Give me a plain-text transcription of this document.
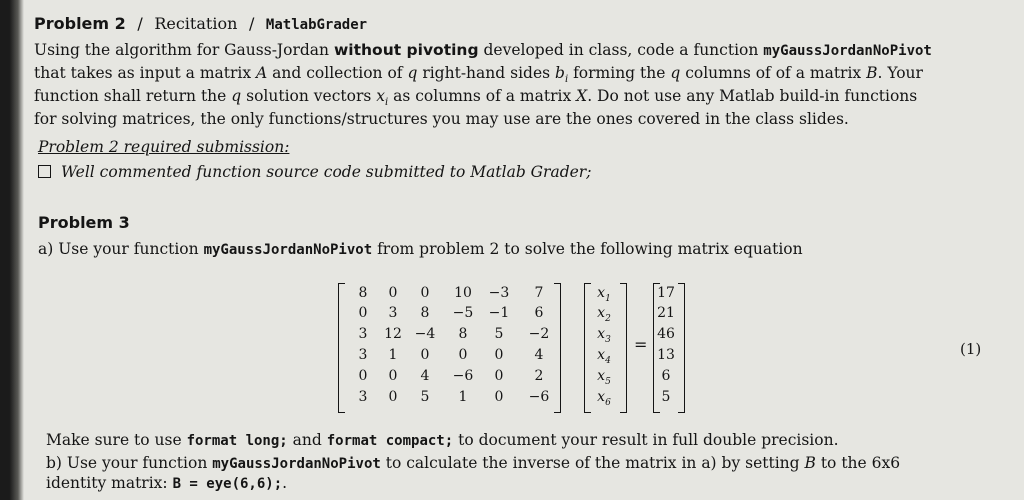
Problem 2 / Recitation / MatlabGrader
Using the algorithm for Gauss-Jordan without pivoting developed in class, code a function myGaussJordanNoPivot
that takes as input a matrix A and collection of q right-hand sides $b_i$ forming the q columns of of a matrix B. Your
function shall return the q solution vectors $x_i$ as columns of a matrix X. Do not use any Matlab build-in functions
for solving matrices, the only functions/structures you may use are the ones covered in the class slides.
Problem 2 required submission:
Well commented function source code submitted to Matlab Grader;
Problem 3
a) Use your function myGaussJordanNoPivot from problem 2 to solve the following matrix equation
=	(1)
8	0	0	10	−3	7
0	3	8	−5	−1	6
3	12 −4	8	5	−2
3	1	0	0	0	4
0	0	4	−6	0	2
3	0	5	1	0	−6
$x_1$
$x_2$
$x_3$
$x_4$
$x_5$
$x_6$
17
21
46
13
6
5
Make sure to use format long; and format compact; to document your result in full double precision.
b) Use your function myGaussJordanNoPivot to calculate the inverse of the matrix in a) by setting B to the 6x6
identity matrix: B = eye(6,6);.
